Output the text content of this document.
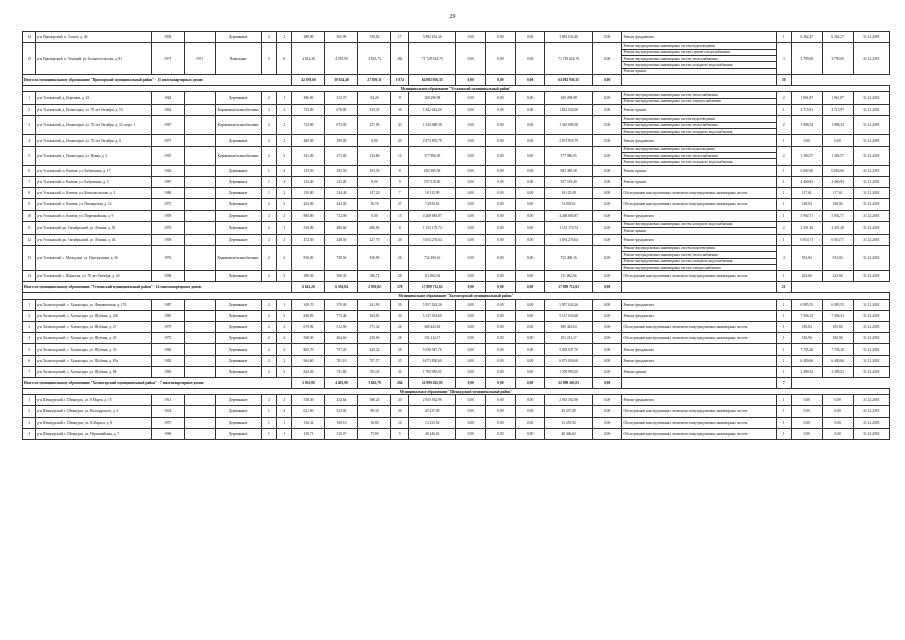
29
14	р-н Приморский, п. Талаги, д. 46	1994		Деревянные	2	2	388,90	365,99	356,82	17	3 882 632,46	0,00	0,00	0,00	3 882 632,46	0,00	Ремонт фундамента	1	6 262,27	6 262,27	31.12.2018
15	р-н Приморский, п. Уемский, ул. Большесельская, д. 81	1971	1971	Панельные	5	6	4 652,40	4 559,90	3 833,74	282	71 729 634,70	0,00	0,00	0,00	71 729 634,70	0,00	Ремонт внутридомовых инженерных систем водоотведения	3	3 799,69	3 799,69	31.12.2018
																	Ремонт внутридомовых инженерных систем горячего водоснабжения				
																	Ремонт внутридомовых инженерных систем теплоснабжения				
																	Ремонт внутридомовых инженерных систем холодного водоснабжения				
																	Ремонт крыши				
Итого по муниципальному образованию "Приморский муниципальный район" - 15 многоквартирных домов:							42 039,60	39 634,40	27 059,31	1 874	64 082 956,35	0,00	0,00	0,00	64 082 956,35	0,00		30			
Муниципальное образование "Устьянский муниципальный район"																					
1	р-н Устьянский, д. Березник, д. 23	1964		Деревянные	2	1	386,00	313,70	94,26	8	169 298,98	0,00	0,00	0,00	169 298,98	0,00	Ремонт внутридомовых инженерных систем теплоснабжения	2	1 961,87	1 961,87	31.12.2018
																	Ремонт внутридомовых инженерных систем электроснабжения				
2	р-н Устьянский, д. Исакогорка, ул. 70 лет Октября, д. 53	1962		Кирпичные/шлакоблочные	2	2	735,00	670,00	325,45	30	1 842 043,00	0,00	0,00	0,00	1 842 043,00	0,00	Ремонт крыши	1	2 715,81	2 715,97	31.12.2018
3	р-н Устьянский, д. Исакогорка, ул. 70 лет Октября, д. 52, корп. 1	1967		Кирпичные/шлакоблочные	2	2	723,00	673,00	327,90	43	1 416 088,38	0,00	0,00	0,00	1 416 088,38	0,00	Ремонт внутридомовых инженерных систем водоотведения	2	1 988,34	1 988,34	31.12.2018
																	Ремонт внутридомовых инженерных систем теплоснабжения				
																	Ремонт внутридомовых инженерных систем холодного водоснабжения				
4	р-н Устьянский, д. Исакогорка, ул. 70 лет Октября, д. 8	1975		Деревянные	2	2	480,00	399,00	0,00	20	2 873 855,79	0,00	0,00	0,00	2 873 855,79	0,00	Ремонт фундамента	1	0,00	0,00	31.12.2018
5	р-н Устьянский, д. Исакогорка, ул. Новая, д. 3	1967		Кирпичные/шлакоблочные	2	2	331,00	273,00	134,80	12	377 986,05	0,00	0,00	0,00	377 986,05	0,00	Ремонт внутридомовых инженерных систем водоотведения	2	1 384,57	1 384,57	31.12.2018
																	Ремонт внутридомовых инженерных систем теплоснабжения				
																	Ремонт внутридомовых инженерных систем холодного водоснабжения				
6	р-н Устьянский, п. Кизема, ул. Бабушкина, д. 17	1962		Деревянные	1	4	135,50	103,50	103,50	8	683 369,58	0,00	0,00	0,00	683 369,58	0,00	Ремонт крыши	1	6 602,60	6 602,60	31.12.2018
7	р-н Устьянский, п. Кизема, ул. Бабушкина, д. 5	1987		Деревянные	1	4	132,40	125,00	0,00	9	557 519,40	0,00	0,00	0,00	557 519,40	0,00	Ремонт крыши	1	4 460,83	4 460,83	31.12.2018
8	р-н Устьянский, п. Кизема, ул. Комсомольская, д. 3	1986		Деревянные	1	2	150,00	134,40	147,20	7	18 125,99	0,00	0,00	0,00	18 125,99	0,00	Обследование конструктивных элементов и внутридомовых инженерных систем	1	117,61	117,61	31.12.2018
9	р-н Устьянский, п. Кизема, ул. Пионерская, д. 12	1973		Деревянные	2	2	443,00	443,00	76,76	37	74 839,61	0,00	0,00	0,00	74 839,61	0,00	Обследование конструктивных элементов и внутридомовых инженерных систем	1	168,94	168,94	31.12.2018
10	р-н Устьянский, п. Кизема, ул. Первомайская, д. 9	1959		Деревянные	2	2	880,80	712,08	0,00	15	4 268 685,87	0,00	0,00	0,00	4 268 685,87	0,00	Ремонт фундамента	1	5 992,71	5 992,71	31.12.2018
11	р-н Устьянский, рп. Октябрьский, ул. Ленина, д. 50	1970		Деревянные	2	1	530,00	480,60	486,90	8	1 153 170,74	0,00	0,00	0,00	1 153 170,74	0,00	Ремонт внутридомовых инженерных систем холодного водоснабжения	2	2 391,28	2 391,28	31.12.2018
																	Ремонт крыши				
12	р-н Устьянский, рп. Октябрьский, ул. Ленина, д. 44	1958		Деревянные	2	2	472,30	448,50	227,70	20	3 054 276,64	0,00	0,00	0,00	3 054 276,64	0,00	Ремонт фундамента	1	6 810,71	6 810,71	31.12.2018
13	р-н Устьянский, с. Малодоры, ул. Центральная, д. 36	1976		Кирпичные/шлакоблочные	2	2	830,00	758,56	356,90	26	752 400,16	0,00	0,00	0,00	752 400,16	0,00	Ремонт внутридомовых инженерных систем водоотведения	4	913,84	913,84	31.12.2018
																	Ремонт внутридомовых инженерных систем теплоснабжения				
																	Ремонт внутридомовых инженерных систем холодного водоснабжения				
																	Ремонт внутридомовых инженерных систем электроснабжения				
14	р-н Устьянский, с. Шангалы, ул. 70 лет Октября, д. 26	1958		Деревянные	2	3	380,30	369,30	186,72	28	111 862,94	0,00	0,00	0,00	111 862,94	0,00	Обследование конструктивных элементов и внутридомовых инженерных систем	1	223,66	223,66	31.12.2018
Итого по муниципальному образованию "Устьянский муниципальный район" - 14 многоквартирных домов:							6 641,20	6 350,84	2 930,82	278	17 889 712,63	0,00	0,00	0,00	17 889 712,63	0,00		21			
Муниципальное образование "Холмогорский муниципальный район"																					
1	р-н Холмогорский, с. Холмогоры, ул. Фоминовская, д. 170	1987		Деревянные	2	1	349,70	370,00	341,90	50	5 957 024,26	0,00	0,00	0,00	5 957 024,26	0,00	Ремонт фундамента	1	6 985,55	6 985,55	31.12.2018
2	р-н Холмогорский, с. Холмогоры, ул. Шубина, д. 265	1985		Деревянные	2	2	846,93	773,40	504,81	34	5 127 033,60	0,00	0,00	0,00	5 127 033,60	0,00	Ремонт фундамента	1	7 306,33	7 306,33	31.12.2018
3	р-н Холмогорский, с. Холмогоры, ул. Шубина, д. 27	1975		Деревянные	2	2	679,96	512,90	571,32	26	380 443,63	0,00	0,00	0,00	380 443,63	0,00	Обследование конструктивных элементов и внутридомовых инженерных систем	1	185,84	185,84	31.12.2018
4	р-н Холмогорский, с. Холмогоры, ул. Шубина, д. 29	1975		Деревянные	2	2	568,30	464,60	430,60	26	101 212,17	0,00	0,00	0,00	101 212,17	0,00	Обследование конструктивных элементов и внутридомовых инженерных систем	1	182,96	182,96	31.12.2018
5	р-н Холмогорский, с. Холмогоры, ул. Шубина, д. 33	1960		Деревянные	2	2	865,70	757,20	445,22	28	5 039 947,70	0,00	0,00	0,00	5 039 947,70	0,00	Ремонт фундамента	1	7 705,20	7 703,20	31.12.2018
6	р-н Холмогорский, с. Холмогоры, ул. Шубина, д. 83а	1982		Деревянные	2	2	964,60	701,10	797,57	35	6 073 830,60	0,00	0,00	0,00	6 073 830,60	0,00	Ремонт фундамента	1	6 400,66	6 400,66	31.12.2018
7	р-н Холмогорский, с. Холмогоры, ул. Шубина, д. 88	1983		Деревянные	2	2	844,30	741,80	763,43	32	1 709 985,05	0,00	0,00	0,00	1 709 985,05	0,00	Ремонт крыши	1	2 289,52	2 289,52	31.12.2018
Итого по муниципальному образованию "Холмогорский муниципальный район" - 7 многоквартирных домов:							5 033,80	4 401,90	3 682,79	204	22 999 265,03	0,00	0,00	0,00	22 999 265,03	0,00		7			
Муниципальное образование "Шенкурский муниципальный район"																					
1	р-н Шенкурский, г. Шенкурск, ул. 8 Марта, д. 15	1913		Деревянные	2	2	538,30	432,64	386,20	20	2 935 562,96	0,00	0,00	0,00	2 935 562,96	0,00	Ремонт фундамента	1	0,00	0,00	31.12.2018
2	р-н Шенкурский, г. Шенкурск, ул. Володарского, д. 4	1934		Деревянные	1	4	621,00	523,00	98,30	20	45 237,90	0,00	0,00	0,00	45 237,90	0,00	Обследование конструктивных элементов и внутридомовых инженерных систем	1	0,00	0,00	31.12.2018
3	р-н Шенкурский, г. Шенкурск, ул. К.Маркса, д. 8	1957		Деревянные	1	1	136,34	108,10	36,80	10	13 255,92	0,00	0,00	0,00	13 255,92	0,00	Обследование конструктивных элементов и внутридомовых инженерных систем	1	0,00	0,00	31.12.2018
4	р-н Шенкурский, г. Шенкурск, ул. Первомайская, д. 7	1969		Деревянные	1	1	139,71	310,07	75,80	5	40 446,62	0,00	0,00	0,00	40 446,62	0,00	Обследование конструктивных элементов и внутридомовых инженерных систем	1	0,00	0,00	31.12.2018
